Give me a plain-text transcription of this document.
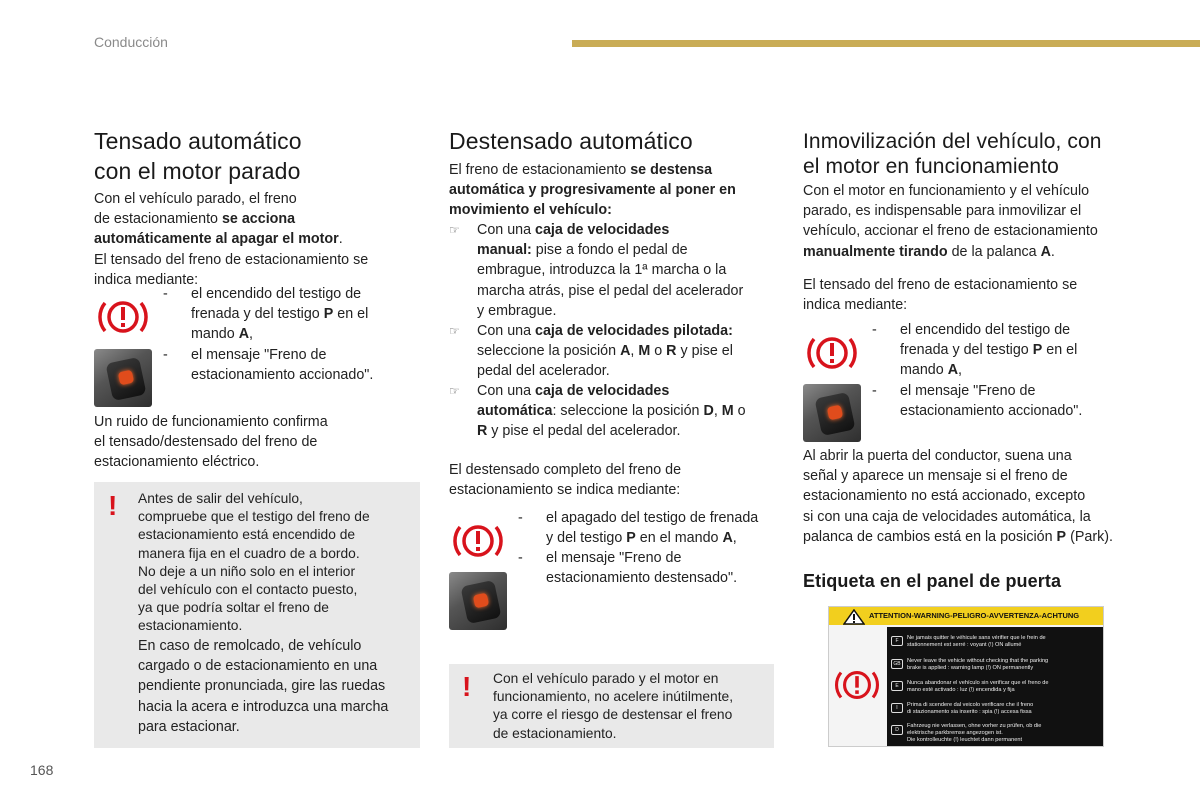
Conducción
168
Tensado automático
con el motor parado
Con el vehículo parado, el freno
de estacionamiento se acciona
automáticamente al apagar el motor.
El tensado del freno de estacionamiento se
indica mediante:
- el encendido del testigo de
frenada y del testigo P en el
mando A,
- el mensaje "Freno de
estacionamiento accionado".
Un ruido de funcionamiento confirma
el tensado/destensado del freno de
estacionamiento eléctrico.
! Antes de salir del vehículo,
compruebe que el testigo del freno de
estacionamiento está encendido de
manera fija en el cuadro de a bordo.
No deje a un niño solo en el interior
del vehículo con el contacto puesto,
ya que podría soltar el freno de
estacionamiento.
En caso de remolcado, de vehículo
cargado o de estacionamiento en una
pendiente pronunciada, gire las ruedas
hacia la acera e introduzca una marcha
para estacionar.
Destensado automático
El freno de estacionamiento se destensa
automática y progresivamente al poner en
movimiento el vehículo:
☞ Con una caja de velocidades
manual: pise a fondo el pedal de
embrague, introduzca la 1ª marcha o la
marcha atrás, pise el pedal del acelerador
y embrague.
☞ Con una caja de velocidades pilotada:
seleccione la posición A, M o R y pise el
pedal del acelerador.
☞ Con una caja de velocidades
automática: seleccione la posición D, M o
R y pise el pedal del acelerador.
El destensado completo del freno de
estacionamiento se indica mediante:
- el apagado del testigo de frenada
y del testigo P en el mando A,
- el mensaje "Freno de
estacionamiento destensado".
! Con el vehículo parado y el motor en
funcionamiento, no acelere inútilmente,
ya corre el riesgo de destensar el freno
de estacionamiento.
Inmovilización del vehículo, con
el motor en funcionamiento
Con el motor en funcionamiento y el vehículo
parado, es indispensable para inmovilizar el
vehículo, accionar el freno de estacionamiento
manualmente tirando de la palanca A.
El tensado del freno de estacionamiento se
indica mediante:
- el encendido del testigo de
frenada y del testigo P en el
mando A,
- el mensaje "Freno de
estacionamiento accionado".
Al abrir la puerta del conductor, suena una
señal y aparece un mensaje si el freno de
estacionamiento no está accionado, excepto
si con una caja de velocidades automática, la
palanca de cambios está en la posición P (Park).
Etiqueta en el panel de puerta
ATTENTION-WARNING-PELIGRO-AVVERTENZA-ACHTUNG
F
GB
E
I
D
Ne jamais quitter le véhicule sans vérifier que le frein de
stationnement est serré : voyant (!) ON allumé
Never leave the vehicle without checking that the parking
brake is applied : warning lamp (!) ON permanently
Nunca abandonar el vehículo sin verificar que el freno de
mano esté activado : luz (!) encendida y fija
Prima di scendere dal veicolo verificare che il freno
di stazionamento sia inserito : spia (!) accesa fissa
Fahrzeug nie verlassen, ohne vorher zu prüfen, ob die
elektrische parkbremse angezogen ist.
Die kontrolleuchte (!) leuchtet dann permanent
